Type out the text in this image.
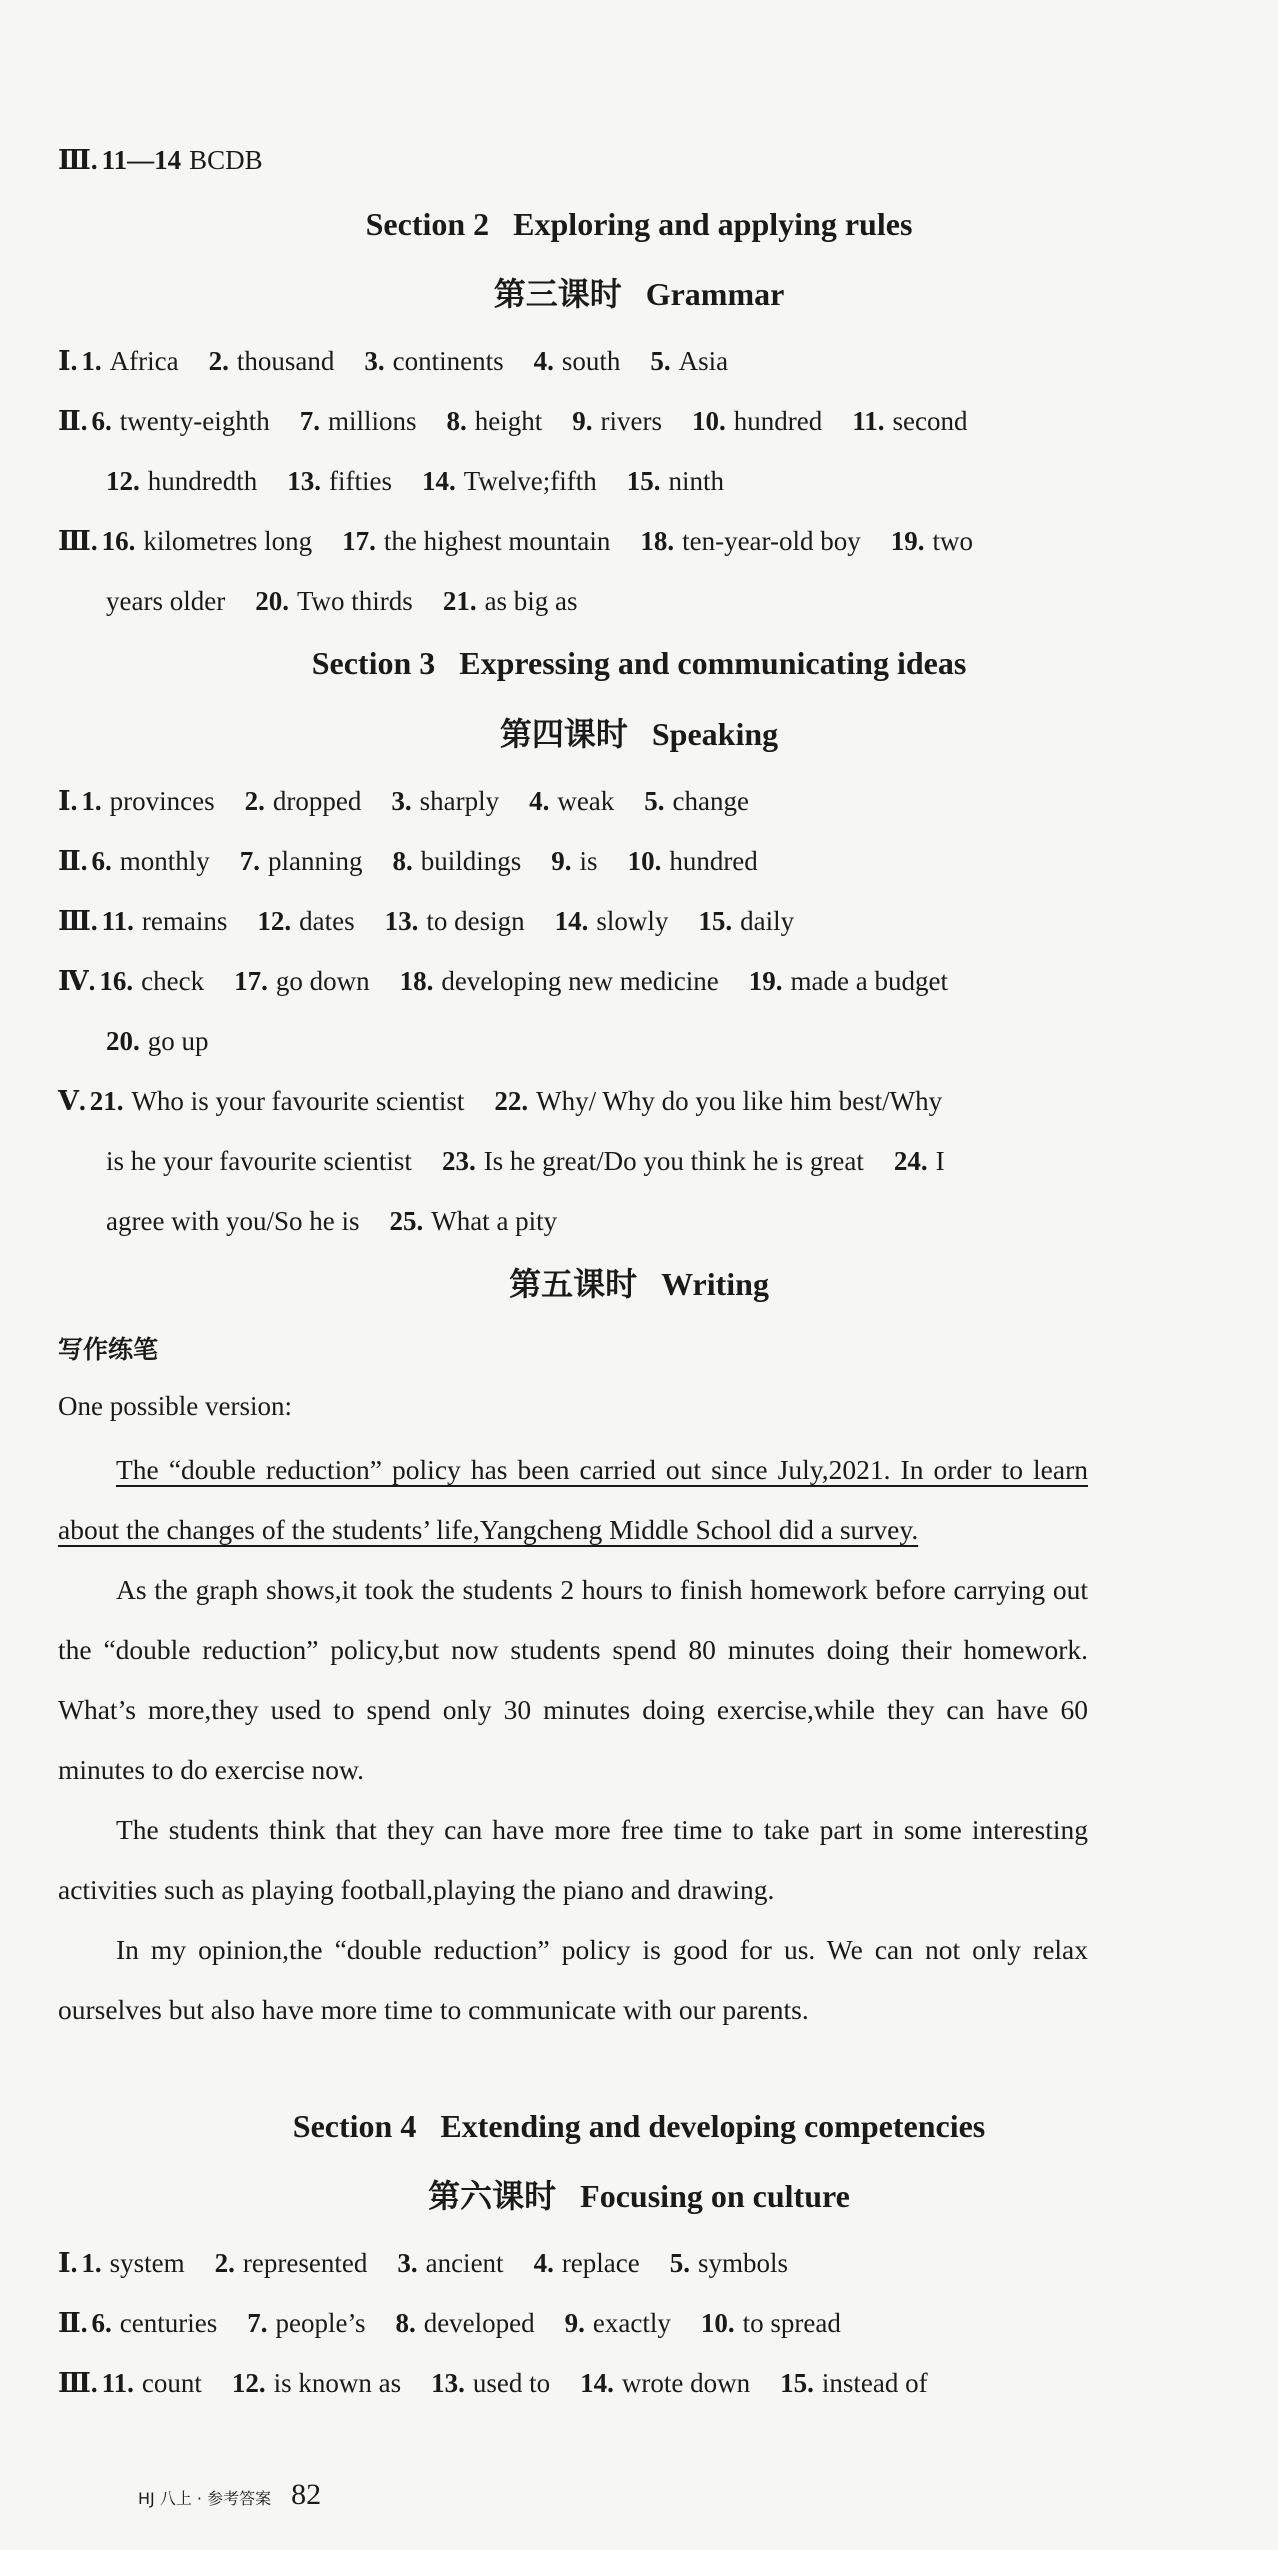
Ⅲ. 11—14 BCDB
Section 2 Exploring and applying rules
第三课时 Grammar
Ⅰ. 1. Africa 2. thousand 3. continents 4. south 5. Asia
Ⅱ. 6. twenty-eighth 7. millions 8. height 9. rivers 10. hundred 11. second
12. hundredth 13. fifties 14. Twelve;fifth 15. ninth
Ⅲ. 16. kilometres long 17. the highest mountain 18. ten-year-old boy 19. two
years older 20. Two thirds 21. as big as
Section 3 Expressing and communicating ideas
第四课时 Speaking
Ⅰ. 1. provinces 2. dropped 3. sharply 4. weak 5. change
Ⅱ. 6. monthly 7. planning 8. buildings 9. is 10. hundred
Ⅲ. 11. remains 12. dates 13. to design 14. slowly 15. daily
Ⅳ. 16. check 17. go down 18. developing new medicine 19. made a budget
20. go up
Ⅴ. 21. Who is your favourite scientist 22. Why/ Why do you like him best/Why
is he your favourite scientist 23. Is he great/Do you think he is great 24. I
agree with you/So he is 25. What a pity
第五课时 Writing
写作练笔
One possible version:

The “double reduction” policy has been carried out since July,2021. In order to learn about the changes of the students’ life,Yangcheng Middle School did a survey.

As the graph shows,it took the students 2 hours to finish homework before carrying out the “double reduction” policy,but now students spend 80 minutes doing their homework. What’s more,they used to spend only 30 minutes doing exercise,while they can have 60 minutes to do exercise now.

The students think that they can have more free time to take part in some interesting activities such as playing football,playing the piano and drawing.

In my opinion,the “double reduction” policy is good for us. We can not only relax ourselves but also have more time to communicate with our parents.

Section 4 Extending and developing competencies
第六课时 Focusing on culture
Ⅰ. 1. system 2. represented 3. ancient 4. replace 5. symbols
Ⅱ. 6. centuries 7. people’s 8. developed 9. exactly 10. to spread
Ⅲ. 11. count 12. is known as 13. used to 14. wrote down 15. instead of
HJ 八上 · 参考答案 82
